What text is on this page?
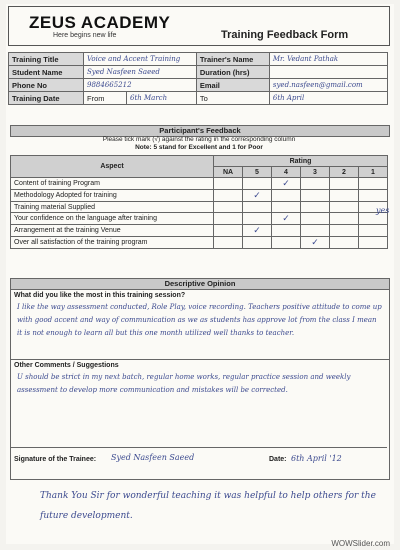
ZEUS ACADEMY
Here begins new life	Training Feedback Form
Training Title	Voice and Accent Training		Trainer's Name	Mr. Vedant Pathak
Student Name	Syed Nasfeen Saeed		Duration (hrs)	
Phone No	9884665212		Email	syed.nasfeen@gmail.com
Training Date	From	6th March	To	6th April
Participant's Feedback
Please tick mark (√) against the rating in the corresponding column
Note: 5 stand for Excellent and 1 for Poor
Aspect	Rating					
	NA	5	4	3	2	1
Content of training Program			✓			
Methodology Adopted for training		✓				
Training material Supplied						
Your confidence on the language after training			✓			
Arrangement at the training Venue		✓				
Over all satisfaction of the training program				✓		
yes
Descriptive Opinion
What did you like the most in this training session?
I like the way assessment conducted, Role Play, voice recording. Teachers positive attitude to come up with good accent and way of communication as we as students has approve lot from the class I mean it is not enough to learn all but this one month utilized well thanks to teacher.
Other Comments / Suggestions
U should be strict in my next batch, regular home works, regular practice session and weekly assessment to develop more communication and mistakes will be corrected.
Signature of the Trainee: Syed Nasfeen Saeed	Date: 6th April '12
Thank You Sir for wonderful teaching it was helpful to help others for the future development.
WOWSlider.com
